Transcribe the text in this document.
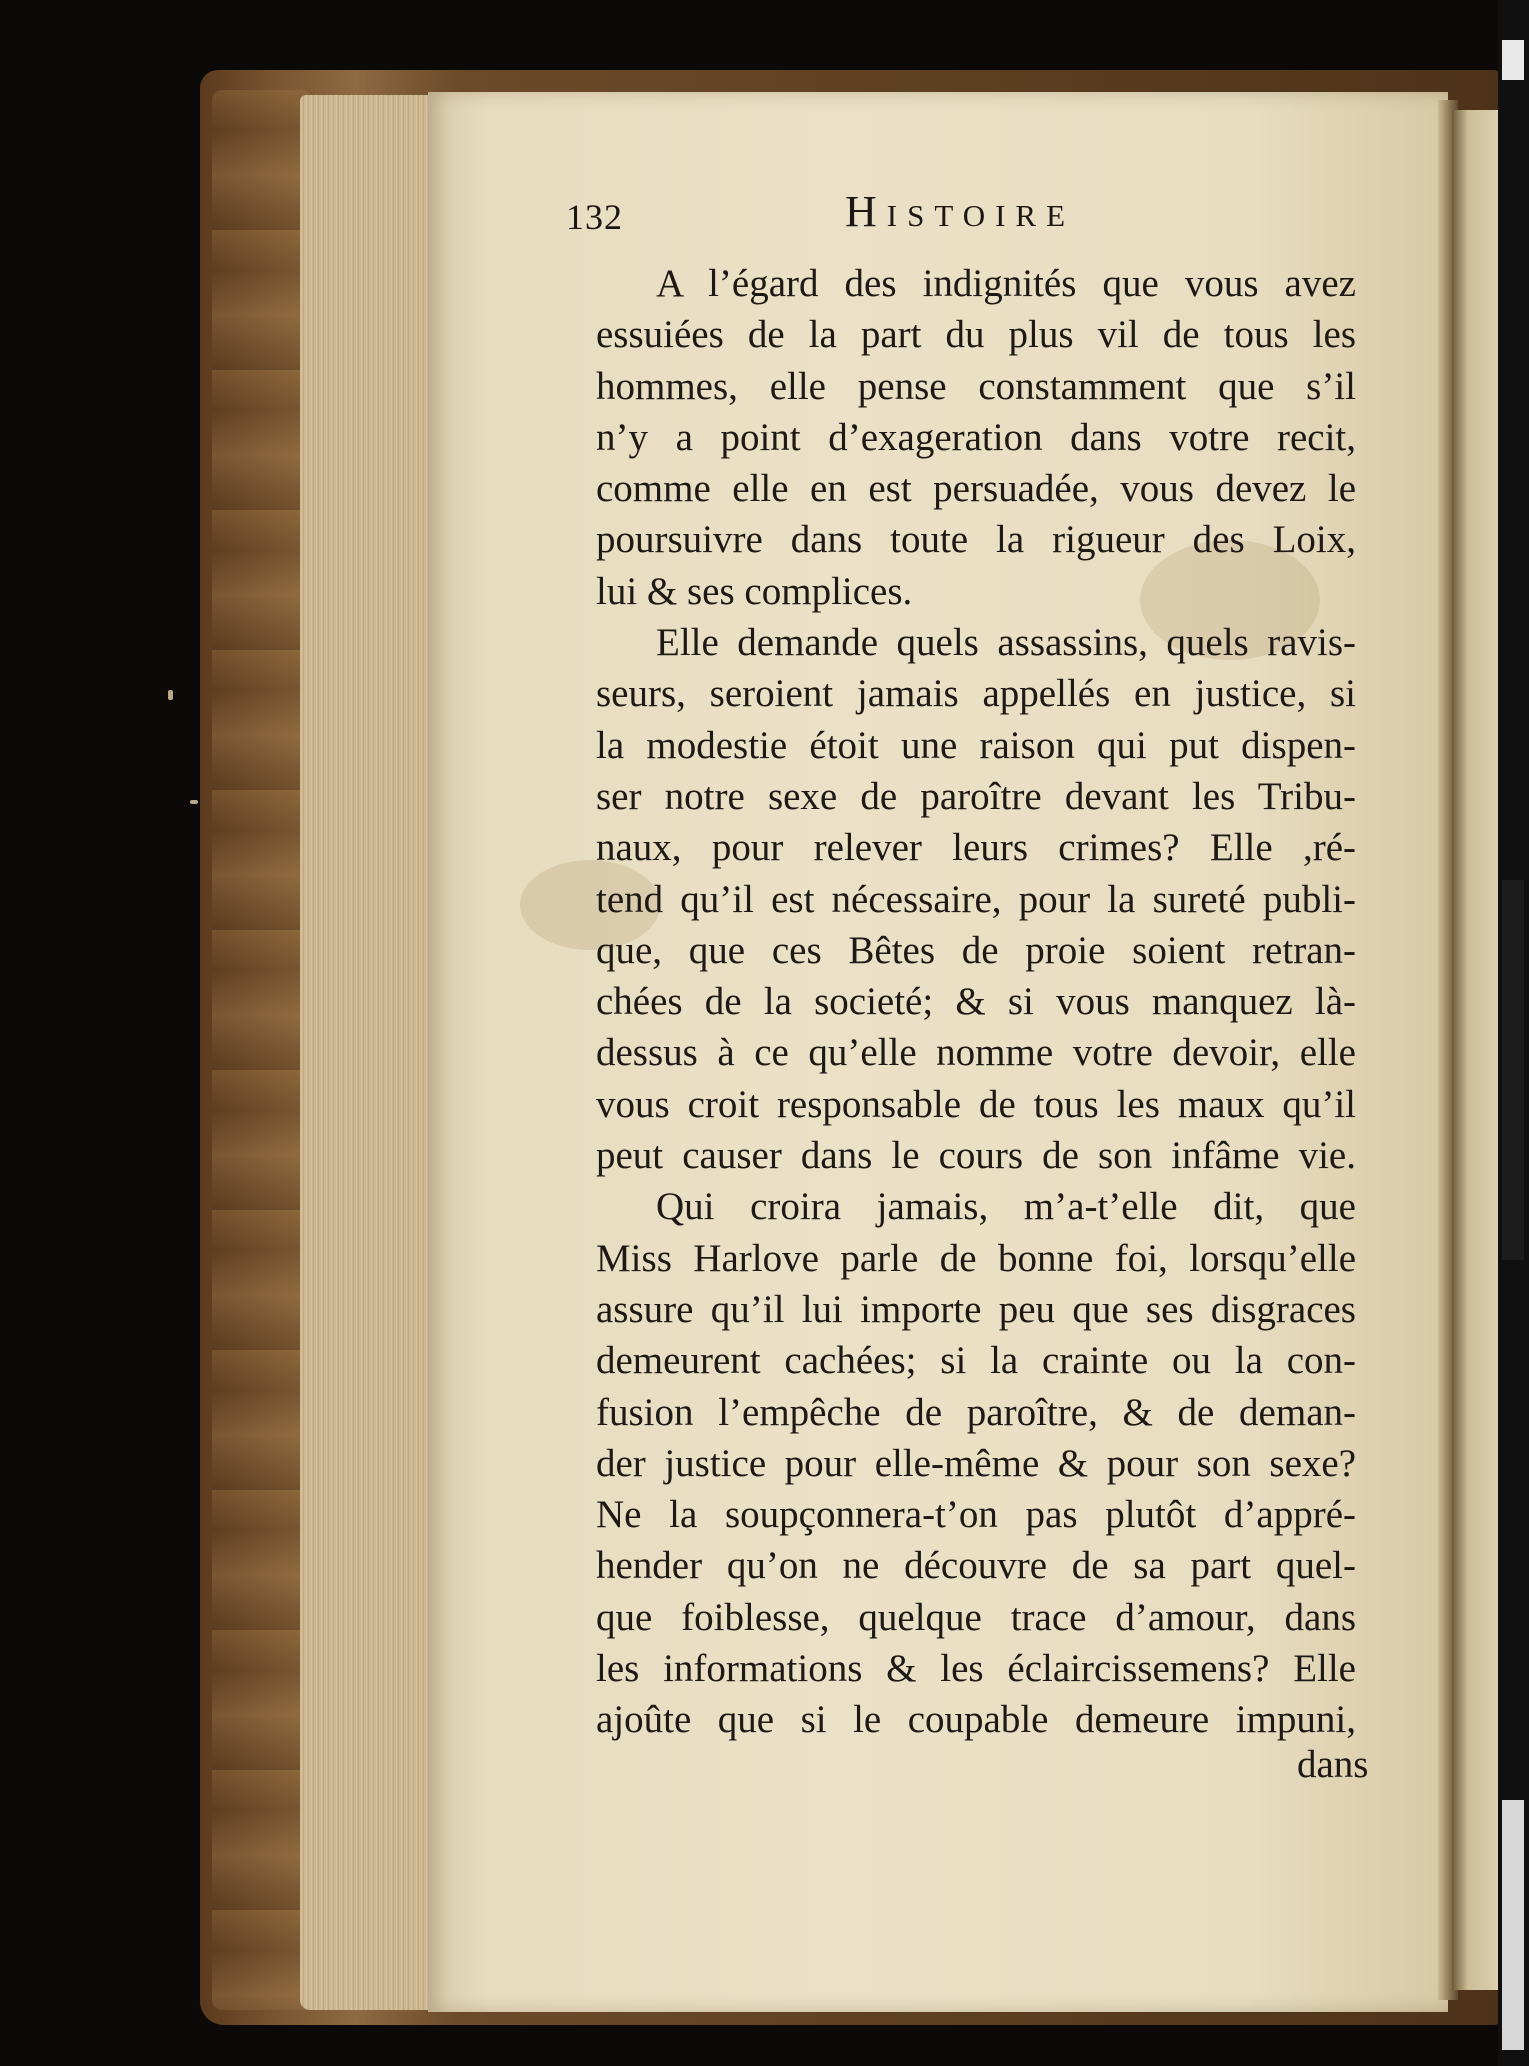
132	Histoire
A l’égard des indignités que vous avez
essuiées de la part du plus vil de tous les
hommes, elle pense constamment que s’il
n’y a point d’exageration dans votre recit,
comme elle en est persuadée, vous devez le
poursuivre dans toute la rigueur des Loix,
lui & ses complices.
Elle demande quels assassins, quels ravis-
seurs, seroient jamais appellés en justice, si
la modestie étoit une raison qui put dispen-
ser notre sexe de paroître devant les Tribu-
naux, pour relever leurs crimes? Elle ,ré-
tend qu’il est nécessaire, pour la sureté publi-
que, que ces Bêtes de proie soient retran-
chées de la societé; & si vous manquez là-
dessus à ce qu’elle nomme votre devoir, elle
vous croit responsable de tous les maux qu’il
peut causer dans le cours de son infâme vie.
Qui croira jamais, m’a-t’elle dit, que
Miss Harlove parle de bonne foi, lorsqu’elle
assure qu’il lui importe peu que ses disgraces
demeurent cachées; si la crainte ou la con-
fusion l’empêche de paroître, & de deman-
der justice pour elle-même & pour son sexe?
Ne la soupçonnera-t’on pas plutôt d’appré-
hender qu’on ne découvre de sa part quel-
que foiblesse, quelque trace d’amour, dans
les informations & les éclaircissemens? Elle
ajoûte que si le coupable demeure impuni,
dans
